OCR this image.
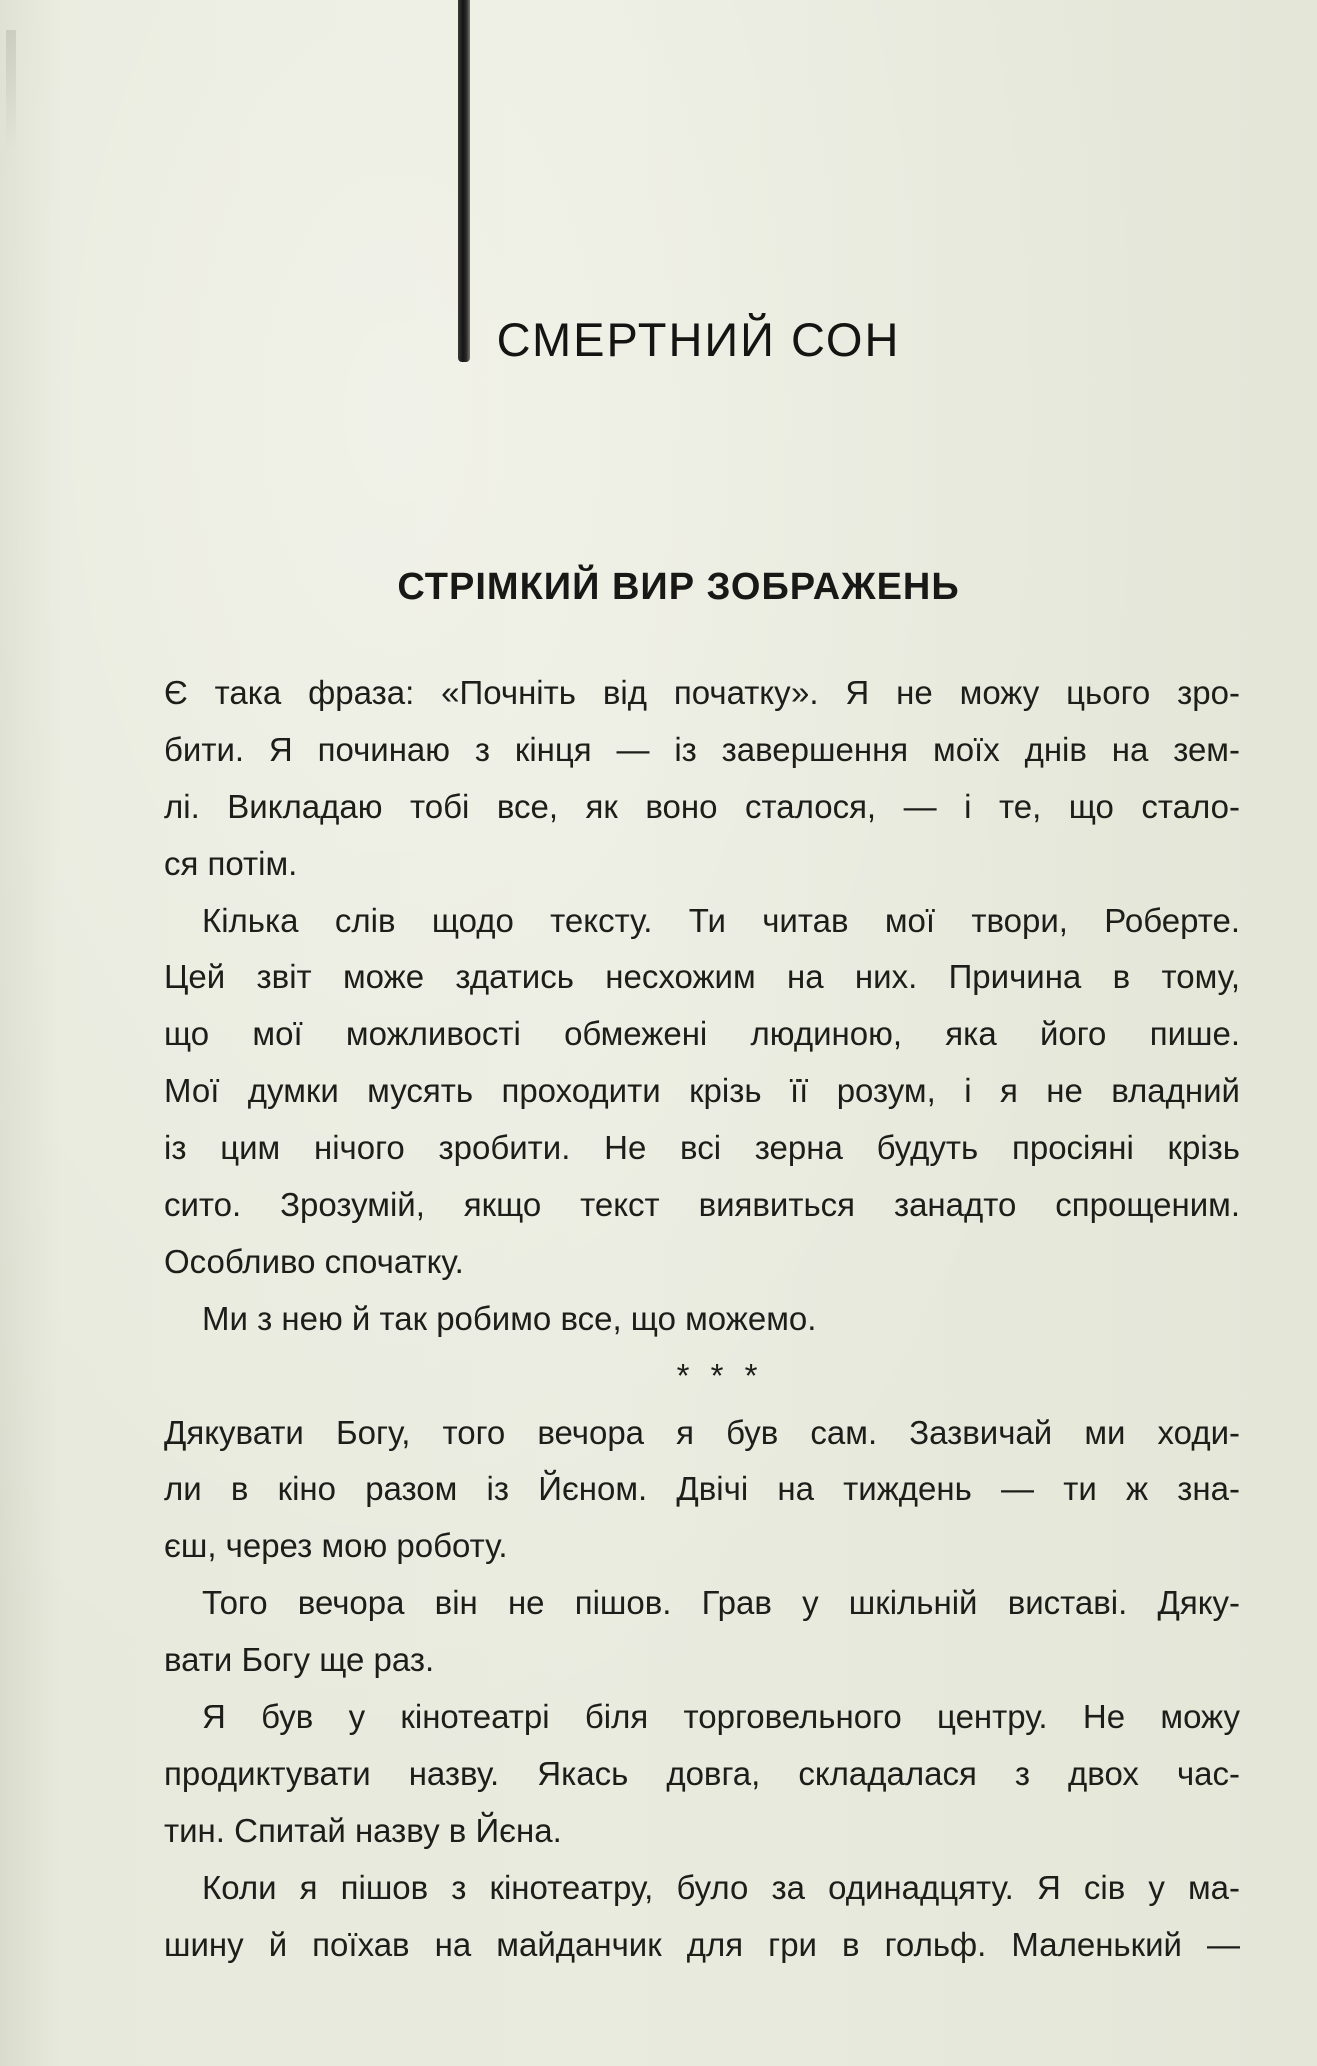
СМЕРТНИЙ СОН
СТРІМКИЙ ВИР ЗОБРАЖЕНЬ
Є така фраза: «Почніть від початку». Я не можу цього зро-
бити. Я починаю з кінця — із завершення моїх днів на зем-
лі. Викладаю тобі все, як воно сталося, — і те, що стало-
ся потім.
Кілька слів щодо тексту. Ти читав мої твори, Роберте.
Цей звіт може здатись несхожим на них. Причина в тому,
що мої можливості обмежені людиною, яка його пише.
Мої думки мусять проходити крізь її розум, і я не владний
із цим нічого зробити. Не всі зерна будуть просіяні крізь
сито. Зрозумій, якщо текст виявиться занадто спрощеним.
Особливо спочатку.
Ми з нею й так робимо все, що можемо.
* * *
Дякувати Богу, того вечора я був сам. Зазвичай ми ходи-
ли в кіно разом із Йєном. Двічі на тиждень — ти ж зна-
єш, через мою роботу.
Того вечора він не пішов. Грав у шкільній виставі. Дяку-
вати Богу ще раз.
Я був у кінотеатрі біля торговельного центру. Не можу
продиктувати назву. Якась довга, складалася з двох час-
тин. Спитай назву в Йєна.
Коли я пішов з кінотеатру, було за одинадцяту. Я сів у ма-
шину й поїхав на майданчик для гри в гольф. Маленький —
